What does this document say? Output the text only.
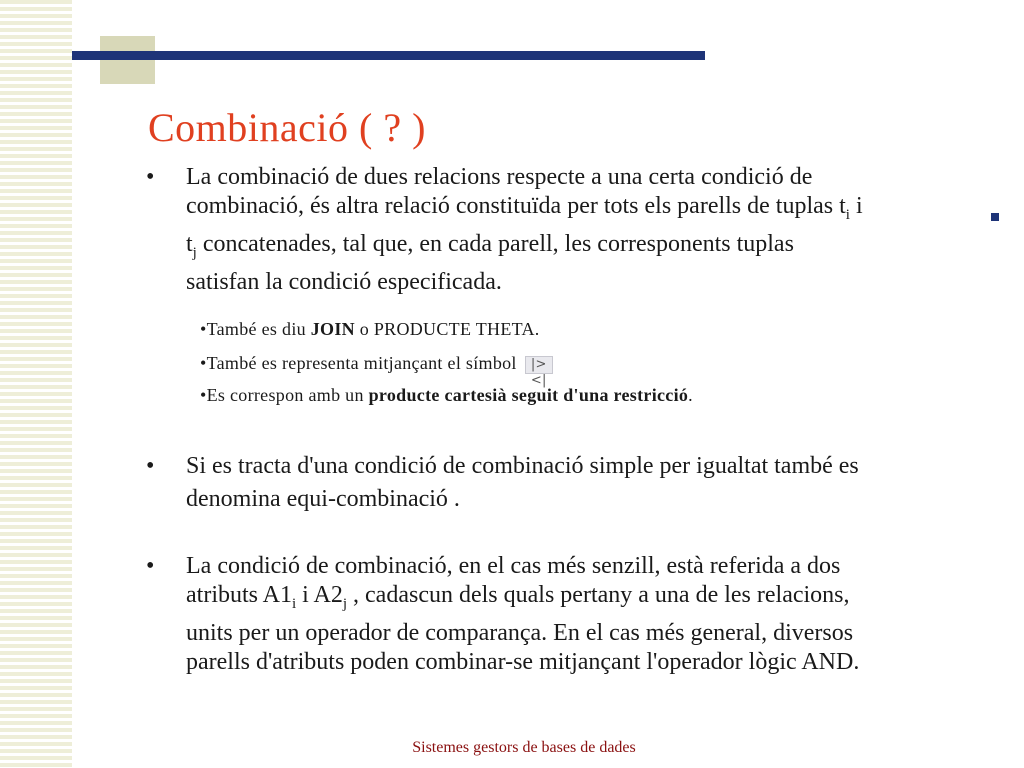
Combinació ( ? )
• La combinació de dues relacions respecte a una certa condició de
combinació, és altra relació constituïda per tots els parells de tuplas $t_i$ i
$t_j$ concatenades, tal que, en cada parell, les corresponents tuplas
satisfan la condició especificada.
•També es diu JOIN o PRODUCTE THETA.
•També es representa mitjançant el símbol |><|
•Es correspon amb un producte cartesià seguit d'una restricció.
• Si es tracta d'una condició de combinació simple per igualtat també es
denomina equi-combinació .
• La condició de combinació, en el cas més senzill, està referida a dos
atributs $A1_i$ i $A2_j$ , cadascun dels quals pertany a una de les relacions,
units per un operador de comparança. En el cas més general, diversos
parells d'atributs poden combinar-se mitjançant l'operador lògic AND.
Sistemes gestors de bases de dades
